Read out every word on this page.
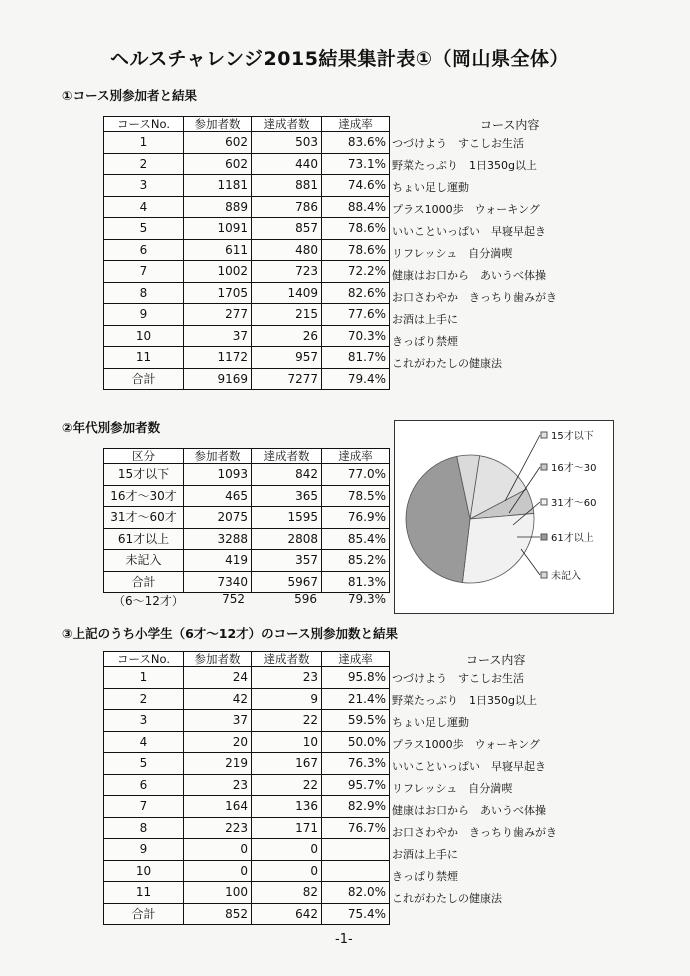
ヘルスチャレンジ2015結果集計表①（岡山県全体）
①コース別参加者と結果
コースNo.	参加者数	達成者数	達成率
1	602	503	83.6%
2	602	440	73.1%
3	1181	881	74.6%
4	889	786	88.4%
5	1091	857	78.6%
6	611	480	78.6%
7	1002	723	72.2%
8	1705	1409	82.6%
9	277	215	77.6%
10	37	26	70.3%
11	1172	957	81.7%
合計	9169	7277	79.4%
コース内容
つづけよう　すこしお生活
野菜たっぷり　1日350g以上
ちょい足し運動
プラス1000歩　ウォーキング
いいこといっぱい　早寝早起き
リフレッシュ　自分満喫
健康はお口から　あいうべ体操
お口さわやか　きっちり歯みがき
お酒は上手に
きっぱり禁煙
これがわたしの健康法
②年代別参加者数
区分	参加者数	達成者数	達成率
15才以下	1093	842	77.0%
16才～30才	465	365	78.5%
31才～60才	2075	1595	76.9%
61才以上	3288	2808	85.4%
未記入	419	357	85.2%
合計	7340	5967	81.3%
（6～12才）	752	596	79.3%
15才以下
16才～30
31才～60
61才以上
未記入
③上記のうち小学生（6才～12才）のコース別参加数と結果
コースNo.	参加者数	達成者数	達成率
1	24	23	95.8%
2	42	9	21.4%
3	37	22	59.5%
4	20	10	50.0%
5	219	167	76.3%
6	23	22	95.7%
7	164	136	82.9%
8	223	171	76.7%
9	0	0	
10	0	0	
11	100	82	82.0%
合計	852	642	75.4%
コース内容
つづけよう　すこしお生活
野菜たっぷり　1日350g以上
ちょい足し運動
プラス1000歩　ウォーキング
いいこといっぱい　早寝早起き
リフレッシュ　自分満喫
健康はお口から　あいうべ体操
お口さわやか　きっちり歯みがき
お酒は上手に
きっぱり禁煙
これがわたしの健康法
-1-
